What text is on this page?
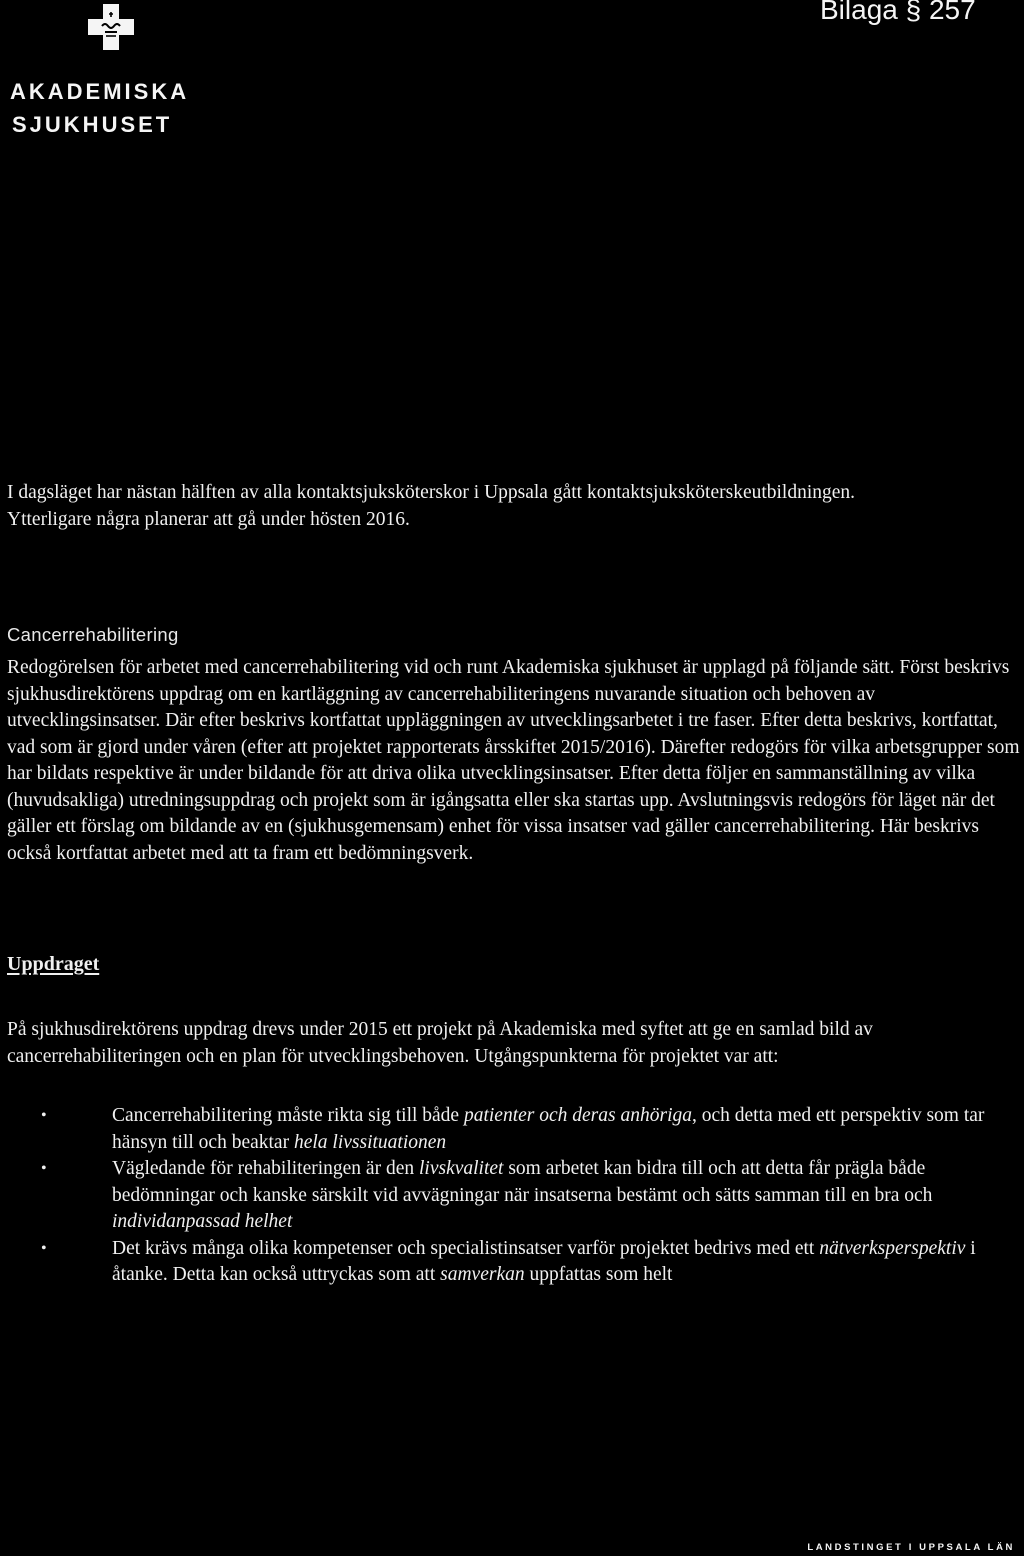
AKADEMISKA
SJUKHUSET
Bilaga § 257

I dagsläget har nästan hälften av alla kontaktsjuksköterskor i Uppsala gått kontaktsjuksköterskeutbildningen.
Ytterligare några planerar att gå under hösten 2016.

Cancerrehabilitering

Redogörelsen för arbetet med cancerrehabilitering vid och runt Akademiska sjukhuset är upplagd på följande sätt. Först beskrivs sjukhusdirektörens uppdrag om en kartläggning av cancerrehabiliteringens nuvarande situation och behoven av utvecklingsinsatser. Där efter beskrivs kortfattat uppläggningen av utvecklingsarbetet i tre faser. Efter detta beskrivs, kortfattat, vad som är gjord under våren (efter att projektet rapporterats årsskiftet 2015/2016). Därefter redogörs för vilka arbetsgrupper som har bildats respektive är under bildande för att driva olika utvecklingsinsatser. Efter detta följer en sammanställning av vilka (huvudsakliga) utredningsuppdrag och projekt som är igångsatta eller ska startas upp. Avslutningsvis redogörs för läget när det gäller ett förslag om bildande av en (sjukhusgemensam) enhet för vissa insatser vad gäller cancerrehabilitering. Här beskrivs också kortfattat arbetet med att ta fram ett bedömningsverk.

Uppdraget

På sjukhusdirektörens uppdrag drevs under 2015 ett projekt på Akademiska med syftet att ge en samlad bild av cancerrehabiliteringen och en plan för utvecklingsbehoven. Utgångspunkterna för projektet var att:

•	Cancerrehabilitering måste rikta sig till både patienter och deras anhöriga, och detta med ett perspektiv som tar hänsyn till och beaktar hela livssituationen
•	Vägledande för rehabiliteringen är den livskvalitet som arbetet kan bidra till och att detta får prägla både bedömningar och kanske särskilt vid avvägningar när insatserna bestämt och sätts samman till en bra och individanpassad helhet
•	Det krävs många olika kompetenser och specialistinsatser varför projektet bedrivs med ett nätverksperspektiv i åtanke. Detta kan också uttryckas som att samverkan uppfattas som helt
LANDSTINGET I UPPSALA LÄN
